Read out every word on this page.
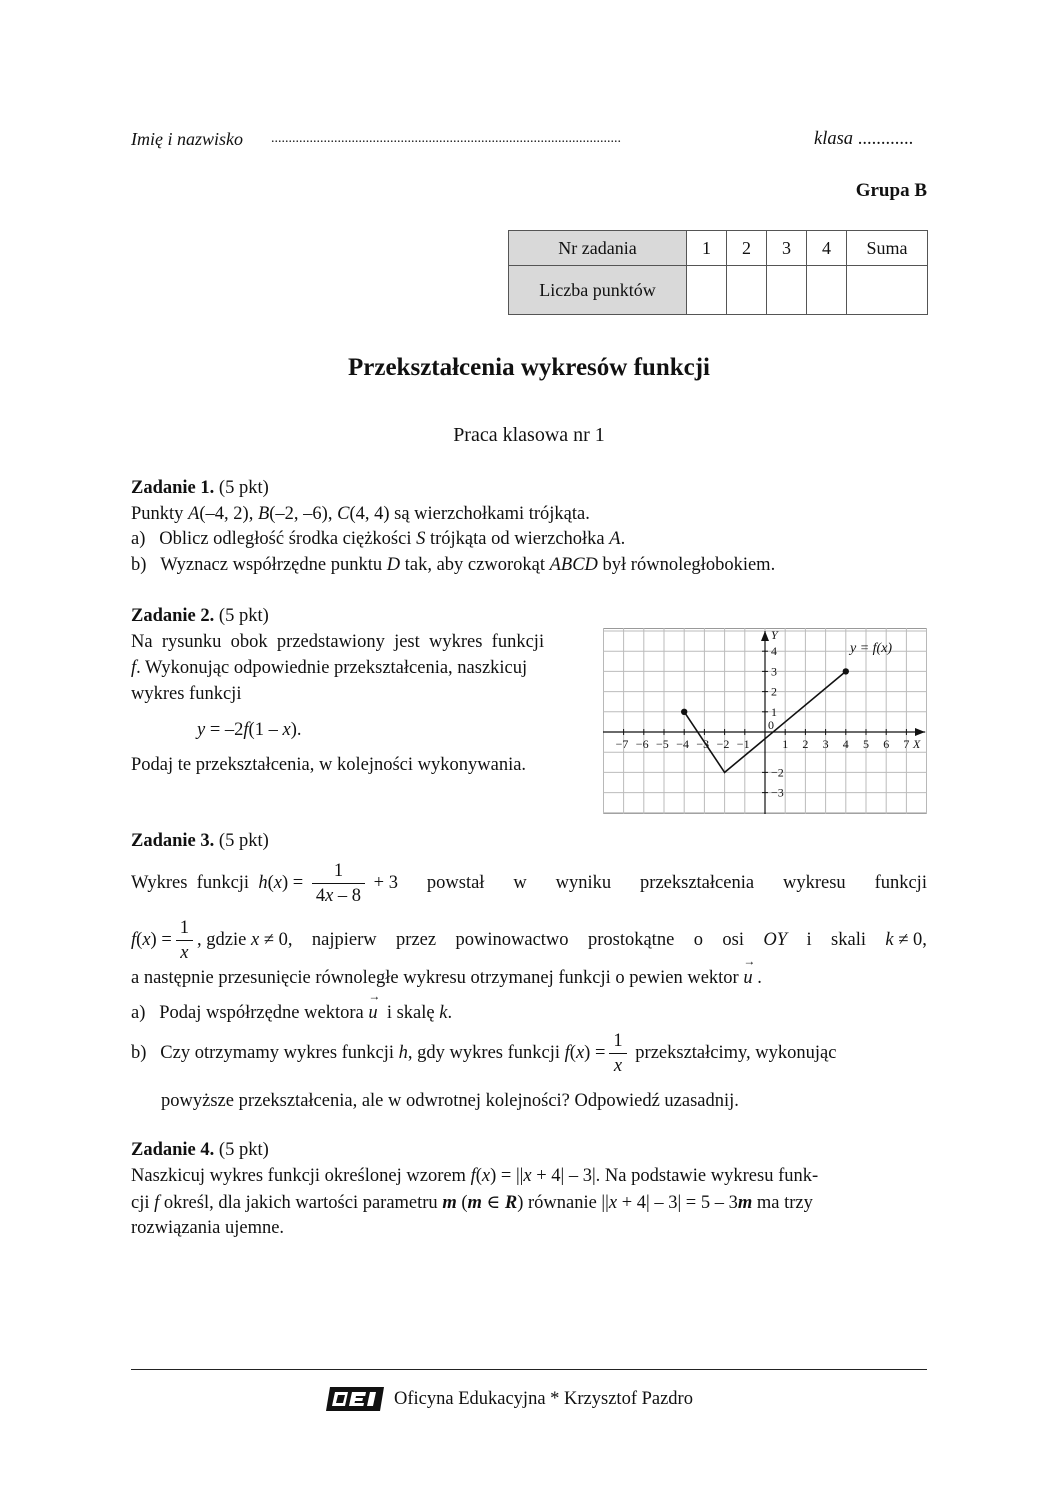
Imię i nazwisko ....................................................................................................	klasa ............
Grupa B
Nr zadania	1	2	3	4	Suma
Liczba punktów					
Przekształcenia wykresów funkcji
Praca klasowa nr 1
Zadanie 1. (5 pkt)
Punkty A(–4, 2), B(–2, –6), C(4, 4) są wierzchołkami trójkąta.
a)   Oblicz odległość środka ciężkości S trójkąta od wierzchołka A.
b)   Wyznacz współrzędne punktu D tak, aby czworokąt ABCD był równoległobokiem.
Zadanie 2. (5 pkt)
Na  rysunku  obok  przedstawiony  jest  wykres  funkcji
f. Wykonując odpowiednie przekształcenia, naszkicuj
wykres funkcji
y = –2f(1 – x).
Podaj te przekształcenia, w kolejności wykonywania.
−7 −6 −5 −4 −3 −2 −1	1 2 3 4 5 6 7
4
3
2
1
−2
−3
0
X
Y
y = f(x)
Zadanie 3. (5 pkt)
Wykres  funkcji  $h(x) = \frac{1}{4x - 8} + 3$ powstał w wyniku przekształcenia wykresu funkcji
$f(x) = \frac{1}{x}$ , gdzie x ≠ 0, najpierw przez powinowactwo prostokątne o osi OY i skali k ≠ 0,
a następnie przesunięcie równoległe wykresu otrzymanej funkcji o pewien wektor → u .
a)   Podaj współrzędne wektora → u  i skalę k.
b)   Czy otrzymamy wykres funkcji h, gdy wykres funkcji $f(x) = \frac{1}{x}$ przekształcimy, wykonując
powyższe przekształcenia, ale w odwrotnej kolejności? Odpowiedź uzasadnij.
Zadanie 4. (5 pkt)
Naszkicuj wykres funkcji określonej wzorem f(x) = ||x + 4| – 3|. Na podstawie wykresu funk-
cji f określ, dla jakich wartości parametru m (m ∈ R) równanie ||x + 4| – 3| = 5 – 3m ma trzy
rozwiązania ujemne.
Oficyna Edukacyjna * Krzysztof Pazdro
